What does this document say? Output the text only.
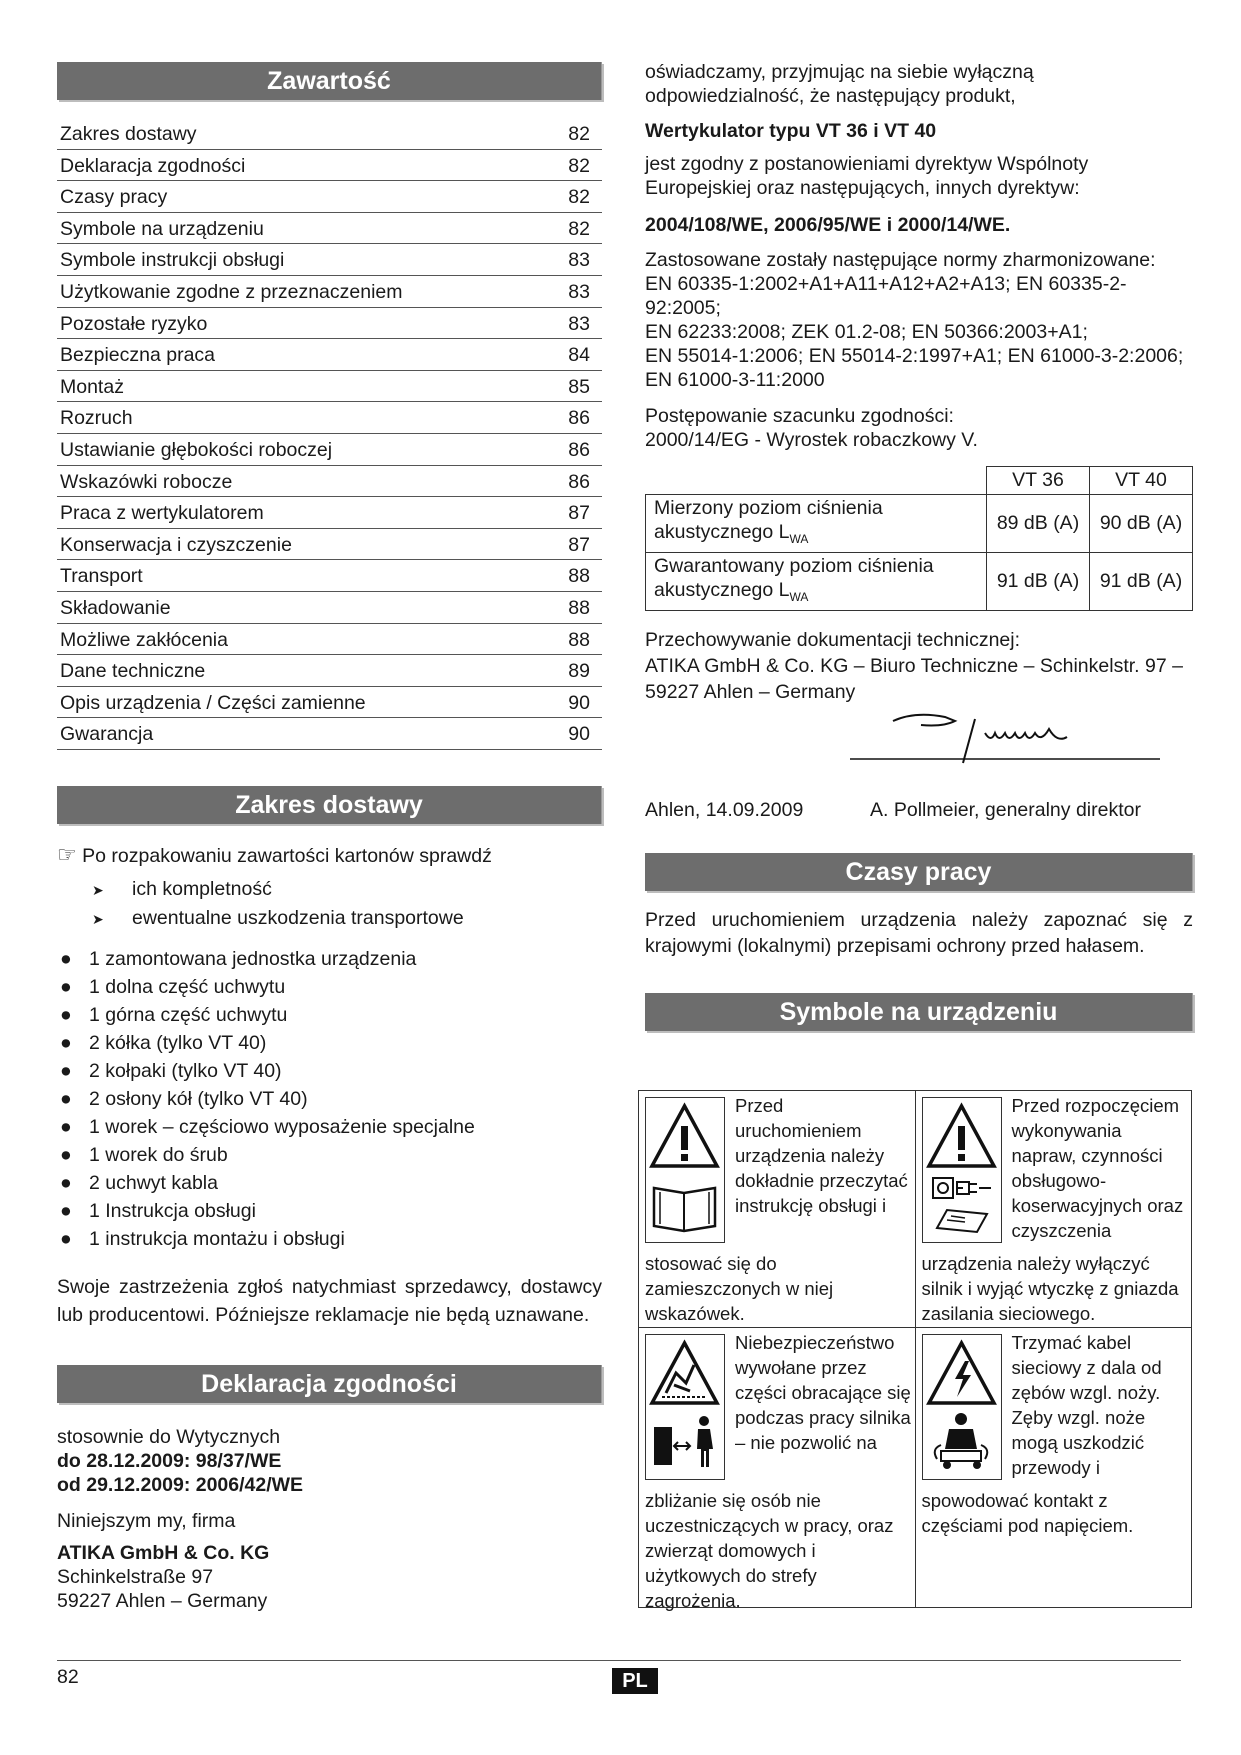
Zawartość
Zakres dostawy	82
Deklaracja zgodności	82
Czasy pracy	82
Symbole na urządzeniu	82
Symbole instrukcji obsługi	83
Użytkowanie zgodne z przeznaczeniem	83
Pozostałe ryzyko	83
Bezpieczna praca	84
Montaż	85
Rozruch	86
Ustawianie głębokości roboczej	86
Wskazówki robocze	86
Praca z wertykulatorem	87
Konserwacja i czyszczenie	87
Transport	88
Składowanie	88
Możliwe zakłócenia	88
Dane techniczne	89
Opis urządzenia / Części zamienne	90
Gwarancja	90
Zakres dostawy

☞ Po rozpakowaniu zawartości kartonów sprawdź

➤ ich kompletność
➤ ewentualne uszkodzenia transportowe
● 1 zamontowana jednostka urządzenia
● 1 dolna część uchwytu
● 1 górna część uchwytu
● 2 kółka (tylko VT 40)
● 2 kołpaki (tylko VT 40)
● 2 osłony kół (tylko VT 40)
● 1 worek – częściowo wyposażenie specjalne
● 1 worek do śrub
● 2 uchwyt kabla
● 1 Instrukcja obsługi
● 1 instrukcja montażu i obsługi

Swoje zastrzeżenia zgłoś natychmiast sprzedawcy, dostawcy lub producentowi. Późniejsze reklamacje nie będą uznawane.

Deklaracja zgodności
stosownie do Wytycznych
do 28.12.2009: 98/37/WE
od 29.12.2009: 2006/42/WE
Niniejszym my, firma
ATIKA GmbH & Co. KG
Schinkelstraße 97
59227 Ahlen – Germany

oświadczamy, przyjmując na siebie wyłączną odpowiedzialność, że następujący produkt,

Wertykulator typu VT 36 i VT 40

jest zgodny z postanowieniami dyrektyw Wspólnoty Europejskiej oraz następujących, innych dyrektyw:

2004/108/WE, 2006/95/WE i 2000/14/WE.

Zastosowane zostały następujące normy zharmonizowane:

EN 60335-1:2002+A1+A11+A12+A2+A13; EN 60335-2-92:2005;
EN 62233:2008; ZEK 01.2-08; EN 50366:2003+A1;
EN 55014-1:2006; EN 55014-2:1997+A1; EN 61000-3-2:2006;
EN 61000-3-11:2000

Postępowanie szacunku zgodności:

2000/14/EG - Wyrostek robaczkowy V.

	VT 36	VT 40
Mierzony poziom ciśnienia akustycznego $L_{WA}$	89 dB (A)	90 dB (A)
Gwarantowany poziom ciśnienia akustycznego $L_{WA}$	91 dB (A)	91 dB (A)

Przechowywanie dokumentacji technicznej:

ATIKA GmbH & Co. KG – Biuro Techniczne – Schinkelstr. 97 – 59227 Ahlen – Germany

Ahlen, 14.09.2009	A. Pollmeier, generalny direktor
Czasy pracy

Przed uruchomieniem urządzenia należy zapoznać się z krajowymi (lokalnymi) przepisami ochrony przed hałasem.

Symbole na urządzeniu
Przed uruchomieniem urządzenia należy dokładnie przeczytać instrukcję obsługi i
stosować się do zamieszczonych w niej wskazówek.
Niebezpieczeństwo wywołane przez części obracające się podczas pracy silnika – nie pozwolić na
zbliżanie się osób nie uczestniczących w pracy, oraz zwierząt domowych i użytkowych do strefy zagrożenia.
Przed rozpoczęciem wykonywania napraw, czynności obsługowo-koserwacyjnych oraz czyszczenia
urządzenia należy wyłączyć silnik i wyjąć wtyczkę z gniazda zasilania sieciowego.
Trzymać kabel sieciowy z dala od zębów wzgl. noży. Zęby wzgl. noże mogą uszkodzić przewody i
spowodować kontakt z częściami pod napięciem.
82	PL
